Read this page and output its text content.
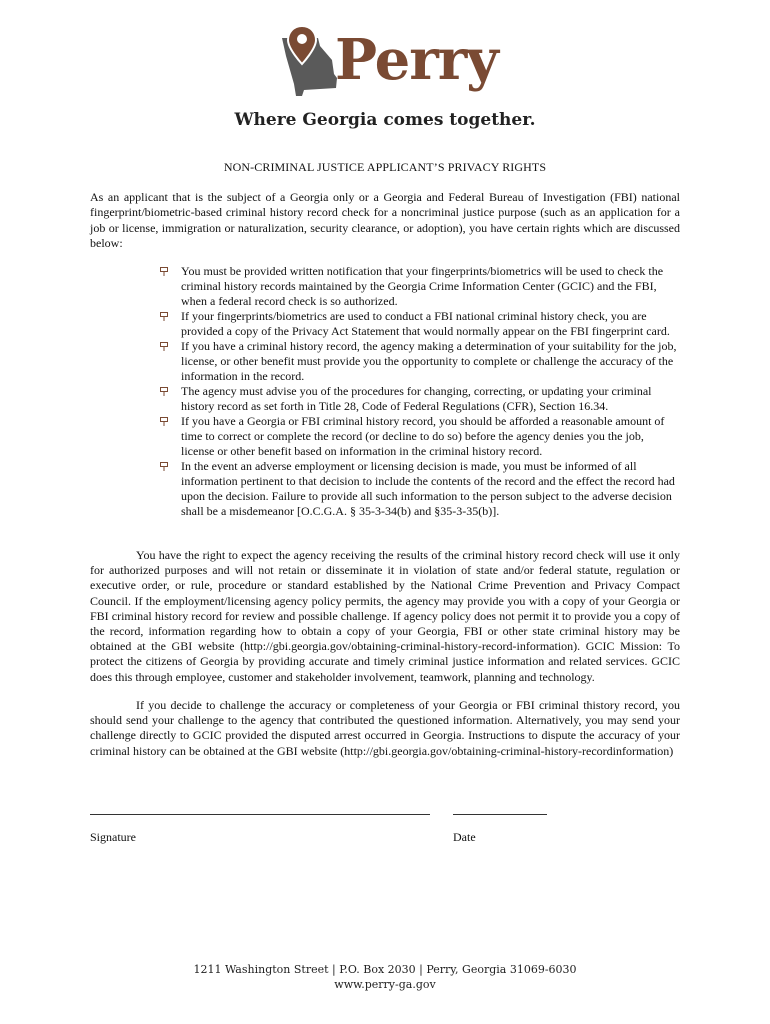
Perry
Where Georgia comes together.
NON-CRIMINAL JUSTICE APPLICANT’S PRIVACY RIGHTS
As an applicant that is the subject of a Georgia only or a Georgia and Federal Bureau of Investigation (FBI) national fingerprint/biometric-based criminal history record check for a noncriminal justice purpose (such as an application for a job or license, immigration or naturalization, security clearance, or adoption), you have certain rights which are discussed below:
You must be provided written notification that your fingerprints/biometrics will be used to check the criminal history records maintained by the Georgia Crime Information Center (GCIC) and the FBI, when a federal record check is so authorized.
If your fingerprints/biometrics are used to conduct a FBI national criminal history check, you are provided a copy of the Privacy Act Statement that would normally appear on the FBI fingerprint card.
If you have a criminal history record, the agency making a determination of your suitability for the job, license, or other benefit must provide you the opportunity to complete or challenge the accuracy of the information in the record.
The agency must advise you of the procedures for changing, correcting, or updating your criminal history record as set forth in Title 28, Code of Federal Regulations (CFR), Section 16.34.
If you have a Georgia or FBI criminal history record, you should be afforded a reasonable amount of time to correct or complete the record (or decline to do so) before the agency denies you the job, license or other benefit based on information in the criminal history record.
In the event an adverse employment or licensing decision is made, you must be informed of all information pertinent to that decision to include the contents of the record and the effect the record had upon the decision. Failure to provide all such information to the person subject to the adverse decision shall be a misdemeanor [O.C.G.A. § 35-3-34(b) and §35-3-35(b)].
You have the right to expect the agency receiving the results of the criminal history record check will use it only for authorized purposes and will not retain or disseminate it in violation of state and/or federal statute, regulation or executive order, or rule, procedure or standard established by the National Crime Prevention and Privacy Compact Council. If the employment/licensing agency policy permits, the agency may provide you with a copy of your Georgia or FBI criminal history record for review and possible challenge. If agency policy does not permit it to provide you a copy of the record, information regarding how to obtain a copy of your Georgia, FBI or other state criminal history may be obtained at the GBI website (http://gbi.georgia.gov/obtaining-criminal-history-record-information). GCIC Mission: To protect the citizens of Georgia by providing accurate and timely criminal justice information and related services. GCIC does this through employee, customer and stakeholder involvement, teamwork, planning and technology.
If you decide to challenge the accuracy or completeness of your Georgia or FBI criminal thistory record, you should send your challenge to the agency that contributed the questioned information. Alternatively, you may send your challenge directly to GCIC provided the disputed arrest occurred in Georgia. Instructions to dispute the accuracy of your criminal history can be obtained at the GBI website (http://gbi.georgia.gov/obtaining-criminal-history-recordinformation)
Signature	Date
1211 Washington Street | P.O. Box 2030 | Perry, Georgia 31069-6030
www.perry-ga.gov
